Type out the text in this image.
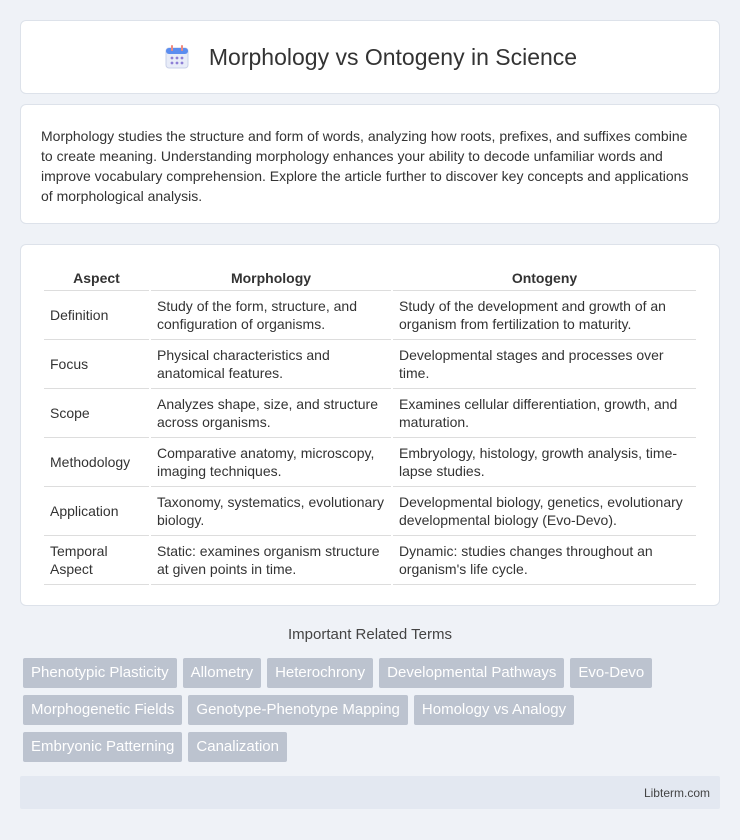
Morphology vs Ontogeny in Science

Morphology studies the structure and form of words, analyzing how roots, prefixes, and suffixes combine to create meaning. Understanding morphology enhances your ability to decode unfamiliar words and improve vocabulary comprehension. Explore the article further to discover key concepts and applications of morphological analysis.

Aspect	Morphology	Ontogeny
Definition	Study of the form, structure, and configuration of organisms.	Study of the development and growth of an organism from fertilization to maturity.
Focus	Physical characteristics and anatomical features.	Developmental stages and processes over time.
Scope	Analyzes shape, size, and structure across organisms.	Examines cellular differentiation, growth, and maturation.
Methodology	Comparative anatomy, microscopy, imaging techniques.	Embryology, histology, growth analysis, time-lapse studies.
Application	Taxonomy, systematics, evolutionary biology.	Developmental biology, genetics, evolutionary developmental biology (Evo-Devo).
Temporal Aspect	Static: examines organism structure at given points in time.	Dynamic: studies changes throughout an organism's life cycle.
Important Related Terms
Phenotypic Plasticity	Allometry	Heterochrony	Developmental Pathways	Evo-Devo
Morphogenetic Fields	Genotype-Phenotype Mapping	Homology vs Analogy
Embryonic Patterning	Canalization
Libterm.com
